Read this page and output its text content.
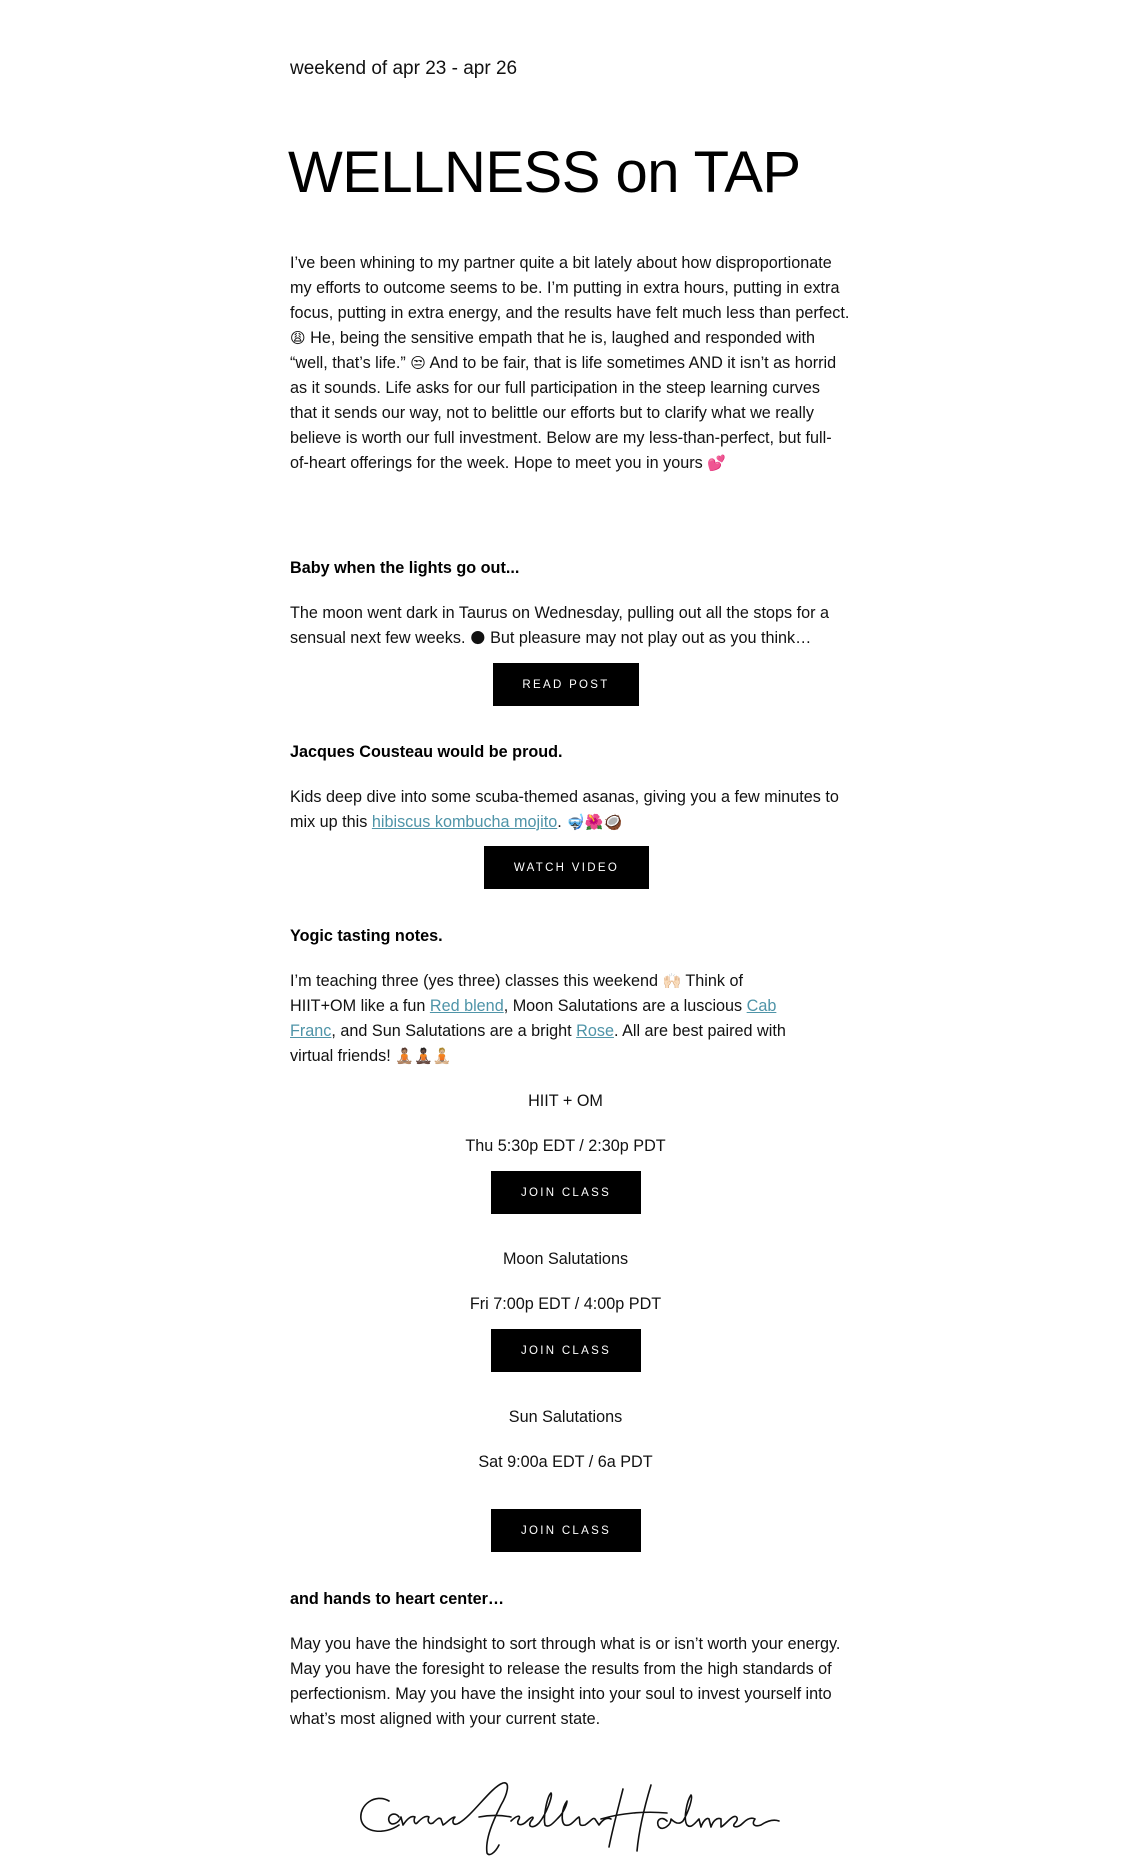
weekend of apr 23 - apr 26
WELLNESS on TAP

I’ve been whining to my partner quite a bit lately about how disproportionate my efforts to outcome seems to be. I’m putting in extra hours, putting in extra focus, putting in extra energy, and the results have felt much less than perfect. 😩 He, being the sensitive empath that he is, laughed and responded with “well, that’s life.” 😒 And to be fair, that is life sometimes AND it isn’t as horrid as it sounds. Life asks for our full participation in the steep learning curves that it sends our way, not to belittle our efforts but to clarify what we really believe is worth our full investment. Below are my less-than-perfect, but full-of-heart offerings for the week. Hope to meet you in yours 💕

Baby when the lights go out...

The moon went dark in Taurus on Wednesday, pulling out all the stops for a sensual next few weeks. 🌑 But pleasure may not play out as you think…

READ POST
Jacques Cousteau would be proud.

Kids deep dive into some scuba-themed asanas, giving you a few minutes to mix up this hibiscus kombucha mojito. 🤿🌺🥥

WATCH VIDEO
Yogic tasting notes.

I’m teaching three (yes three) classes this weekend 🙌🏻 Think of HIIT+OM like a fun Red blend, Moon Salutations are a luscious Cab Franc, and Sun Salutations are a bright Rose. All are best paired with virtual friends! 🧘🏽🧘🏿🧘🏼

HIIT + OM
Thu 5:30p EDT / 2:30p PDT
JOIN CLASS
Moon Salutations
Fri 7:00p EDT / 4:00p PDT
JOIN CLASS
Sun Salutations
Sat 9:00a EDT / 6a PDT
JOIN CLASS
and hands to heart center…

May you have the hindsight to sort through what is or isn’t worth your energy. May you have the foresight to release the results from the high standards of perfectionism. May you have the insight into your soul to invest yourself into what’s most aligned with your current state.
